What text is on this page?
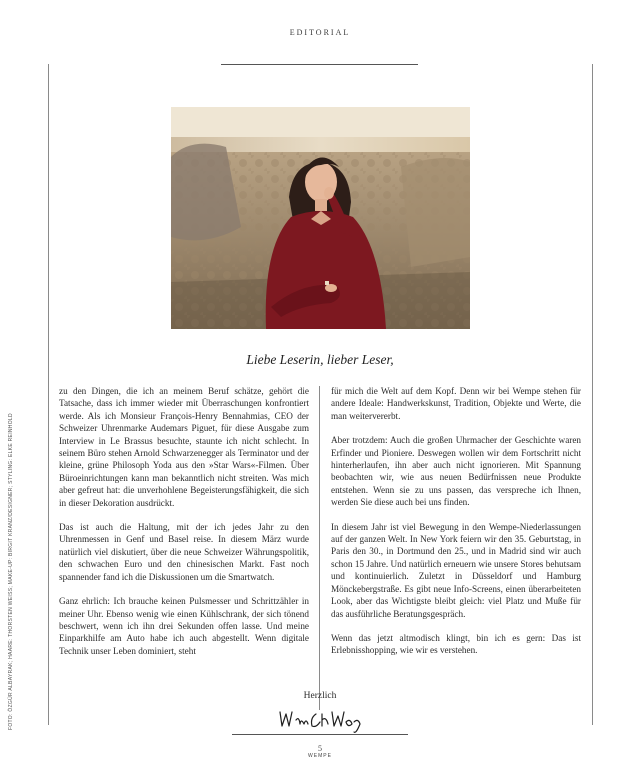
EDITORIAL
FOTO: ÖZGÜR ALBAYRAK; HAARE: THORSTEN WEISS; MAKE-UP: BIRGIT KRANZ/DESIGNER; STYLING: ELKE REINHOLD
Liebe Leserin, lieber Leser,

zu den Dingen, die ich an meinem Beruf schätze, gehört die Tatsache, dass ich immer wieder mit Überraschungen konfrontiert werde. Als ich Monsieur François-Henry Bennahmias, CEO der Schweizer Uhrenmarke Audemars Piguet, für diese Ausgabe zum Interview in Le Brassus besuchte, staunte ich nicht schlecht. In seinem Büro stehen Arnold Schwarzenegger als Terminator und der kleine, grüne Philosoph Yoda aus den »Star Wars«-Filmen. Über Büroeinrichtungen kann man bekanntlich nicht streiten. Was mich aber gefreut hat: die unverhohlene Begeisterungsfähigkeit, die sich in dieser Dekoration ausdrückt.

Das ist auch die Haltung, mit der ich jedes Jahr zu den Uhrenmessen in Genf und Basel reise. In diesem März wurde natürlich viel diskutiert, über die neue Schweizer Währungspolitik, den schwachen Euro und den chinesischen Markt. Fast noch spannender fand ich die Diskussionen um die Smartwatch.

Ganz ehrlich: Ich brauche keinen Pulsmesser und Schrittzähler in meiner Uhr. Ebenso wenig wie einen Kühlschrank, der sich tönend beschwert, wenn ich ihn drei Sekunden offen lasse. Und meine Einparkhilfe am Auto habe ich auch abgestellt. Wenn digitale Technik unser Leben dominiert, steht

für mich die Welt auf dem Kopf. Denn wir bei Wempe stehen für andere Ideale: Handwerkskunst, Tradition, Objekte und Werte, die man weitervererbt.

Aber trotzdem: Auch die großen Uhrmacher der Geschichte waren Erfinder und Pioniere. Deswegen wollen wir dem Fortschritt nicht hinterherlaufen, ihn aber auch nicht ignorieren. Mit Spannung beobachten wir, wie aus neuen Bedürfnissen neue Produkte entstehen. Wenn sie zu uns passen, das verspreche ich Ihnen, werden Sie diese auch bei uns finden.

In diesem Jahr ist viel Bewegung in den Wempe-Niederlassungen auf der ganzen Welt. In New York feiern wir den 35. Geburtstag, in Paris den 30., in Dortmund den 25., und in Madrid sind wir auch schon 15 Jahre. Und natürlich erneuern wie unsere Stores behutsam und kontinuierlich. Zuletzt in Düsseldorf und Hamburg Mönckebergstraße. Es gibt neue Info-Screens, einen überarbeiteten Look, aber das Wichtigste bleibt gleich: viel Platz und Muße für das ausführliche Beratungsgespräch.

Wenn das jetzt altmodisch klingt, bin ich es gern: Das ist Erlebnisshopping, wie wir es verstehen.

Herzlich
5
WEMPE
